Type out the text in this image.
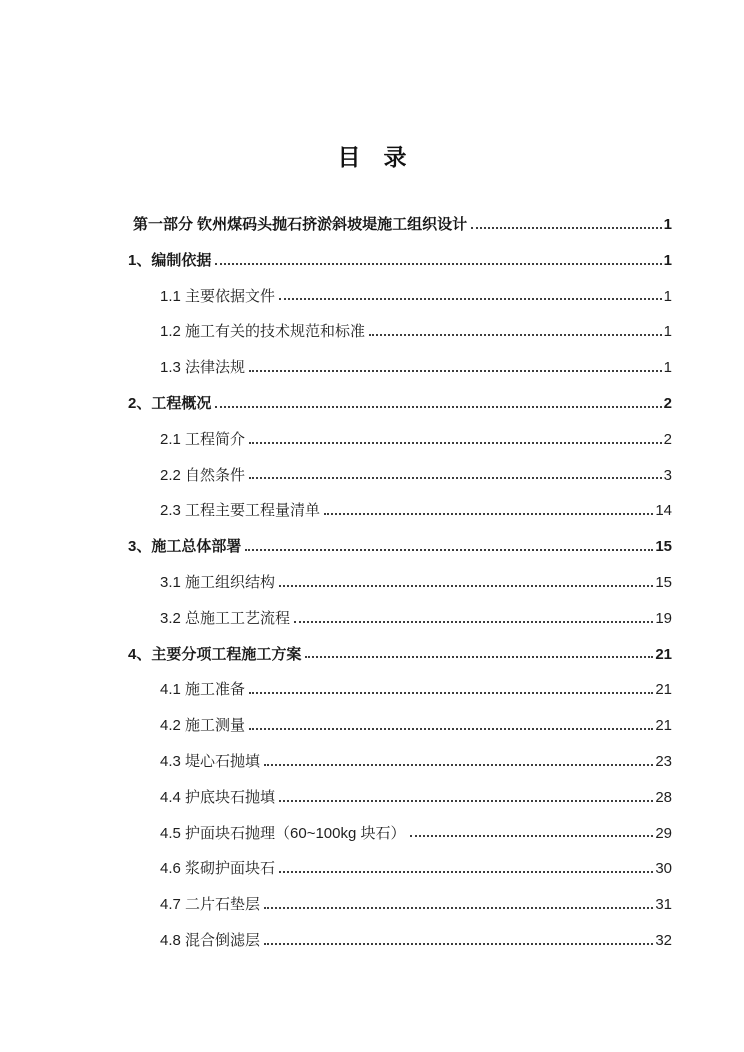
目　录
第一部分 钦州煤码头抛石挤淤斜坡堤施工组织设计	1
1、编制依据	1
1.1 主要依据文件	1
1.2 施工有关的技术规范和标准	1
1.3 法律法规	1
2、工程概况	2
2.1 工程简介	2
2.2 自然条件	3
2.3 工程主要工程量清单	14
3、施工总体部署	15
3.1 施工组织结构	15
3.2 总施工工艺流程	19
4、主要分项工程施工方案	21
4.1 施工准备	21
4.2 施工测量	21
4.3 堤心石抛填	23
4.4 护底块石抛填	28
4.5 护面块石抛理（60~100kg 块石）	29
4.6 浆砌护面块石	30
4.7 二片石垫层	31
4.8 混合倒滤层	32
